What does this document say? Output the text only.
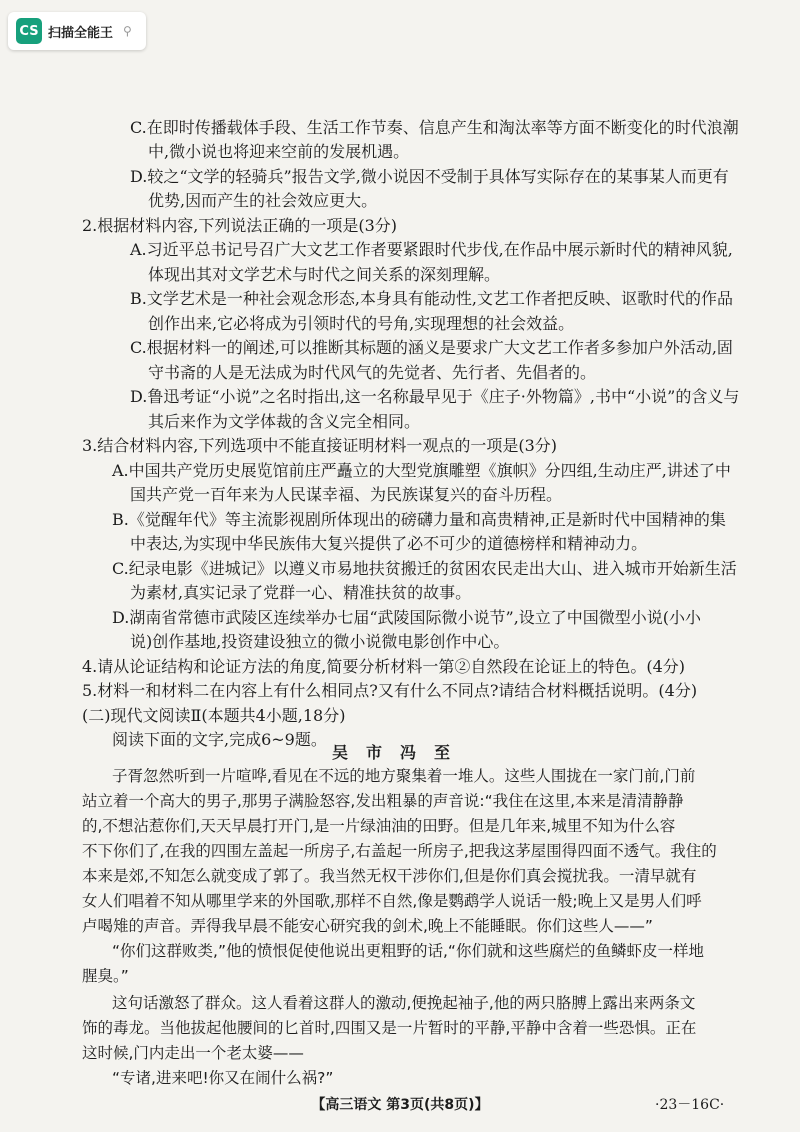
CS 扫描全能王 ⚲
C.在即时传播载体手段、生活工作节奏、信息产生和淘汰率等方面不断变化的时代浪潮
中,微小说也将迎来空前的发展机遇。
D.较之“文学的轻骑兵”报告文学,微小说因不受制于具体写实际存在的某事某人而更有
优势,因而产生的社会效应更大。
2.根据材料内容,下列说法正确的一项是(3分)
A.习近平总书记号召广大文艺工作者要紧跟时代步伐,在作品中展示新时代的精神风貌,
体现出其对文学艺术与时代之间关系的深刻理解。
B.文学艺术是一种社会观念形态,本身具有能动性,文艺工作者把反映、讴歌时代的作品
创作出来,它必将成为引领时代的号角,实现理想的社会效益。
C.根据材料一的阐述,可以推断其标题的涵义是要求广大文艺工作者多参加户外活动,固
守书斋的人是无法成为时代风气的先觉者、先行者、先倡者的。
D.鲁迅考证“小说”之名时指出,这一名称最早见于《庄子·外物篇》,书中“小说”的含义与
其后来作为文学体裁的含义完全相同。
3.结合材料内容,下列选项中不能直接证明材料一观点的一项是(3分)
A.中国共产党历史展览馆前庄严矗立的大型党旗雕塑《旗帜》分四组,生动庄严,讲述了中
国共产党一百年来为人民谋幸福、为民族谋复兴的奋斗历程。
B.《觉醒年代》等主流影视剧所体现出的磅礴力量和高贵精神,正是新时代中国精神的集
中表达,为实现中华民族伟大复兴提供了必不可少的道德榜样和精神动力。
C.纪录电影《进城记》以遵义市易地扶贫搬迁的贫困农民走出大山、进入城市开始新生活
为素材,真实记录了党群一心、精准扶贫的故事。
D.湖南省常德市武陵区连续举办七届“武陵国际微小说节”,设立了中国微型小说(小小
说)创作基地,投资建设独立的微小说微电影创作中心。
4.请从论证结构和论证方法的角度,简要分析材料一第②自然段在论证上的特色。(4分)
5.材料一和材料二在内容上有什么相同点?又有什么不同点?请结合材料概括说明。(4分)
(二)现代文阅读Ⅱ(本题共4小题,18分)
阅读下面的文字,完成6~9题。
吴市冯至
子胥忽然听到一片喧哗,看见在不远的地方聚集着一堆人。这些人围拢在一家门前,门前
站立着一个高大的男子,那男子满脸怒容,发出粗暴的声音说:“我住在这里,本来是清清静静
的,不想沾惹你们,天天早晨打开门,是一片绿油油的田野。但是几年来,城里不知为什么容
不下你们了,在我的四围左盖起一所房子,右盖起一所房子,把我这茅屋围得四面不透气。我住的
本来是郊,不知怎么就变成了郭了。我当然无权干涉你们,但是你们真会搅扰我。一清早就有
女人们唱着不知从哪里学来的外国歌,那样不自然,像是鹦鹉学人说话一般;晚上又是男人们呼
卢喝雉的声音。弄得我早晨不能安心研究我的剑术,晚上不能睡眠。你们这些人——”
“你们这群败类,”他的愤恨促使他说出更粗野的话,“你们就和这些腐烂的鱼鳞虾皮一样地
腥臭。”
这句话激怒了群众。这人看着这群人的激动,便挽起袖子,他的两只胳膊上露出来两条文
饰的毒龙。当他拔起他腰间的匕首时,四围又是一片暂时的平静,平静中含着一些恐惧。正在
这时候,门内走出一个老太婆——
“专诸,进来吧!你又在闹什么祸?”
【高三语文 第3页(共8页)】	·23－16C·
